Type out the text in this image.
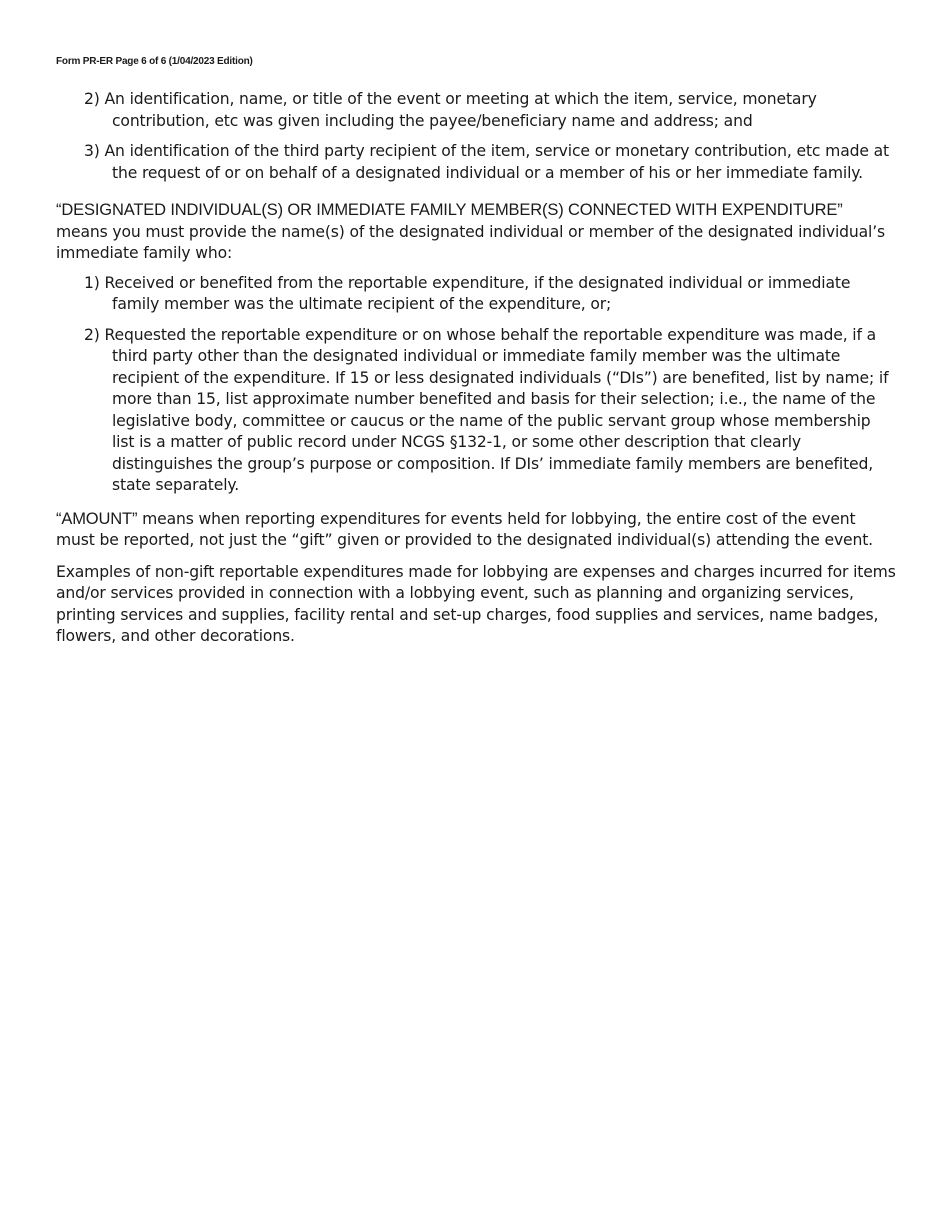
Form PR-ER Page 6 of 6 (1/04/2023 Edition)
2) An identification, name, or title of the event or meeting at which the item, service, monetary contribution, etc was given including the payee/beneficiary name and address; and
3) An identification of the third party recipient of the item, service or monetary contribution, etc made at the request of or on behalf of a designated individual or a member of his or her immediate family.

“DESIGNATED INDIVIDUAL(S) OR IMMEDIATE FAMILY MEMBER(S) CONNECTED WITH EXPENDITURE” means you must provide the name(s) of the designated individual or member of the designated individual’s immediate family who:

1) Received or benefited from the reportable expenditure, if the designated individual or immediate family member was the ultimate recipient of the expenditure, or;
2) Requested the reportable expenditure or on whose behalf the reportable expenditure was made, if a third party other than the designated individual or immediate family member was the ultimate recipient of the expenditure. If 15 or less designated individuals (“DIs”) are benefited, list by name; if more than 15, list approximate number benefited and basis for their selection; i.e., the name of the legislative body, committee or caucus or the name of the public servant group whose membership list is a matter of public record under NCGS §132-1, or some other description that clearly distinguishes the group’s purpose or composition. If DIs’ immediate family members are benefited, state separately.

“AMOUNT” means when reporting expenditures for events held for lobbying, the entire cost of the event must be reported, not just the “gift” given or provided to the designated individual(s) attending the event.

Examples of non-gift reportable expenditures made for lobbying are expenses and charges incurred for items and/or services provided in connection with a lobbying event, such as planning and organizing services, printing services and supplies, facility rental and set-up charges, food supplies and services, name badges, flowers, and other decorations.
